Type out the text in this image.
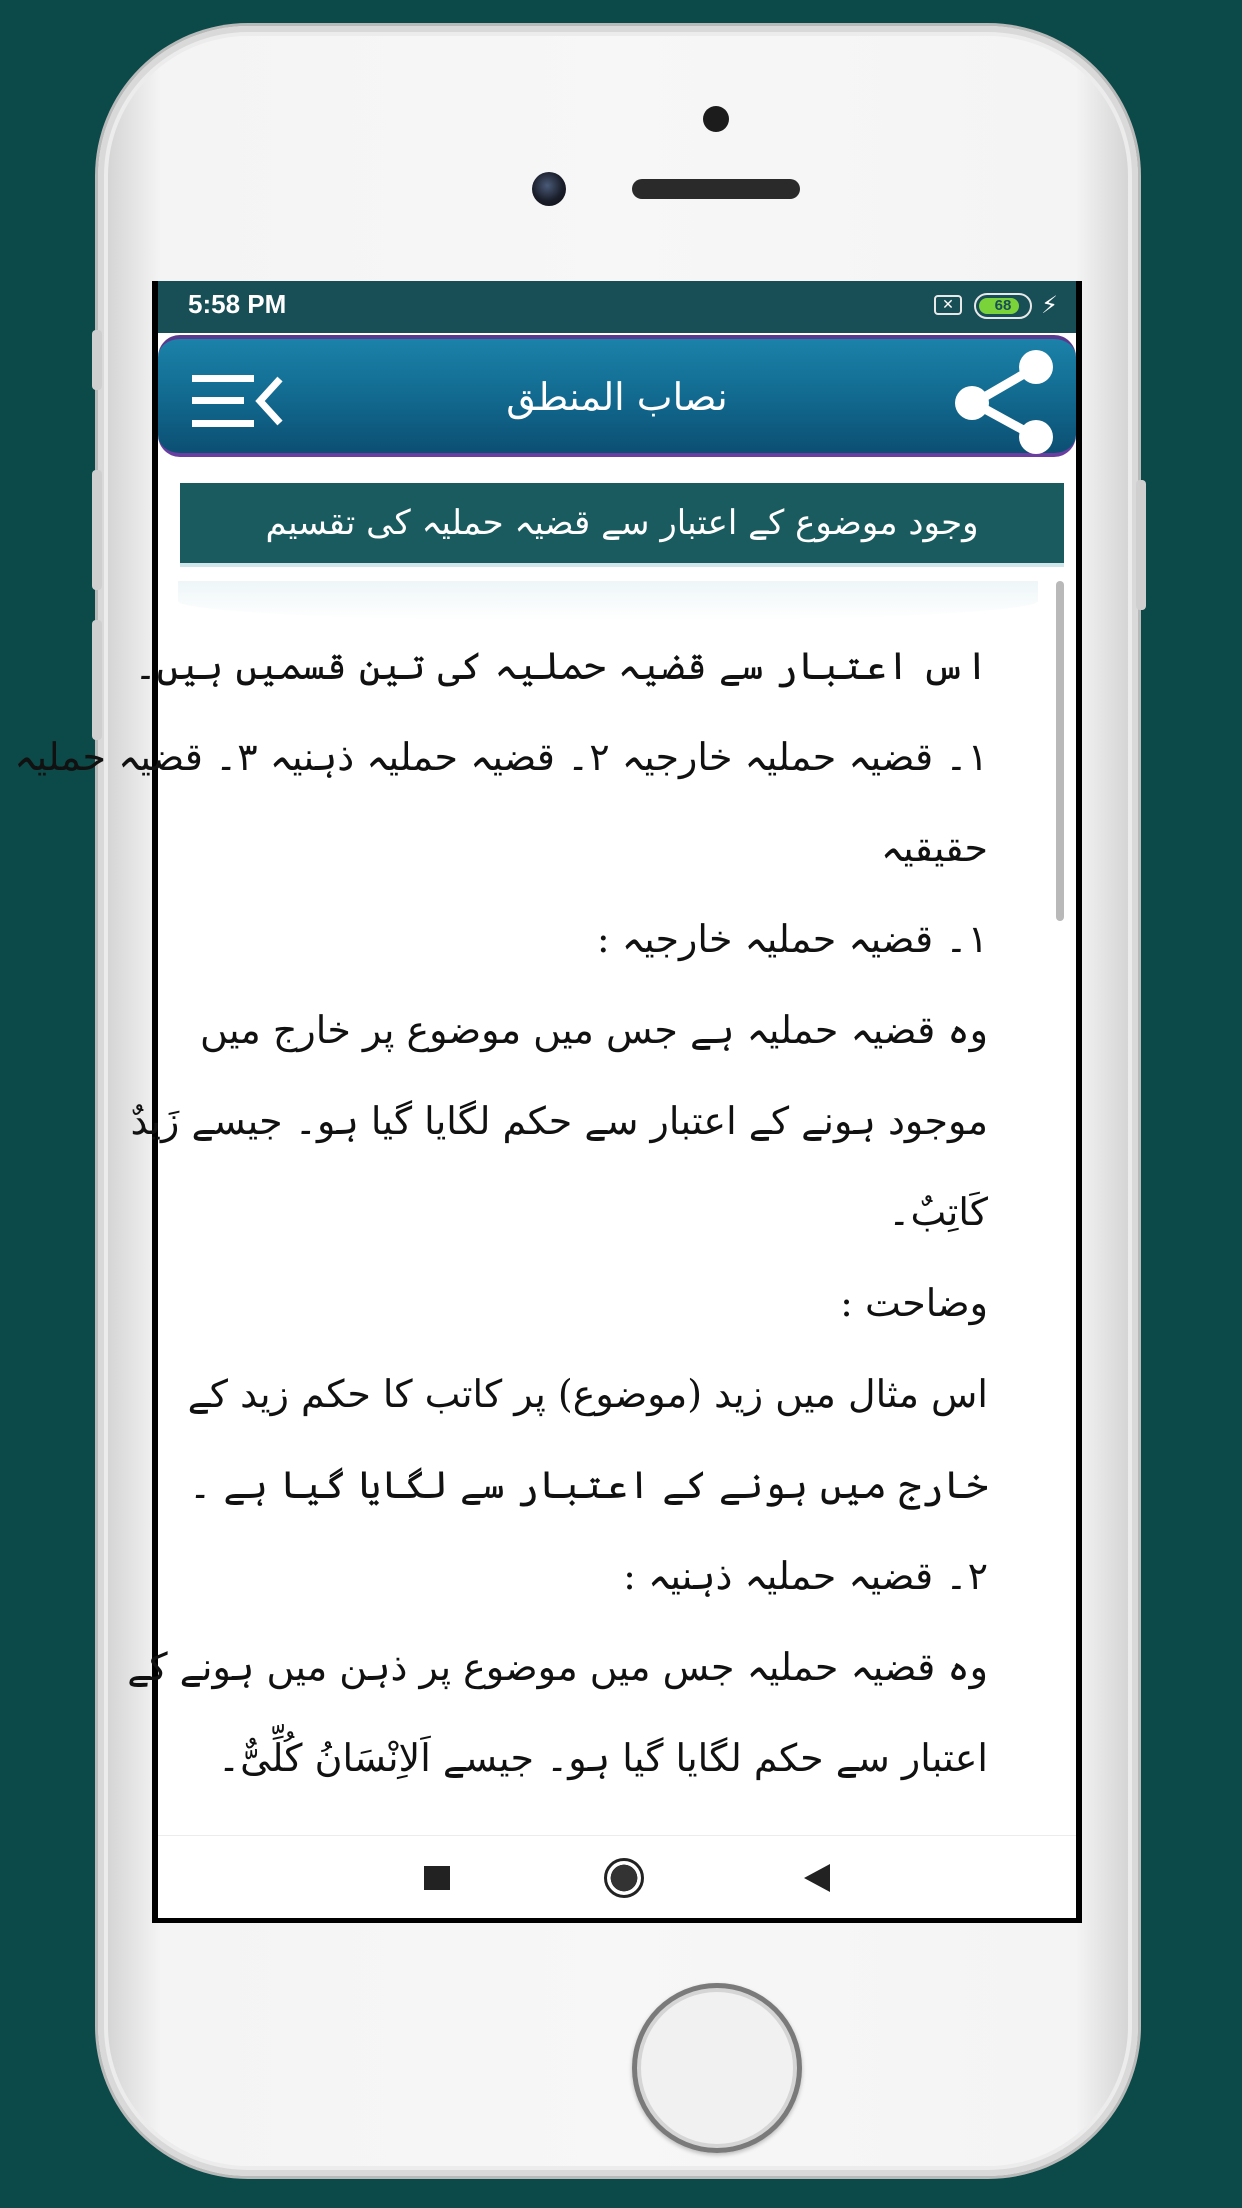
5:58 PM	✕	68	⚡
نصاب المنطق
وجود موضوع کے اعتبار سے قضیہ حملیہ کی تقسیم
اس اعتبار سے قضیہ حملیہ کی تین قسمیں ہیں۔
۱۔ قضیہ حملیہ خارجیہ ۲۔ قضیہ حملیہ ذہنیہ ۳۔ قضیہ حملیہ
حقیقیہ
۱۔ قضیہ حملیہ خارجیہ :
وہ قضیہ حملیہ ہے جس میں موضوع پر خارج میں
موجود ہونے کے اعتبار سے حکم لگایا گیا ہو۔ جیسے زَیدٌ
کَاتِبٌ۔
وضاحت :
اس مثال میں زید (موضوع) پر کاتب کا حکم زید کے
خارج میں ہونے کے اعتبار سے لگایا گیا ہے ۔
۲۔ قضیہ حملیہ ذہنیہ :
وہ قضیہ حملیہ جس میں موضوع پر ذہن میں ہونے کے
اعتبار سے حکم لگایا گیا ہو۔ جیسے اَلاِنْسَانُ کُلِّیٌّ۔
